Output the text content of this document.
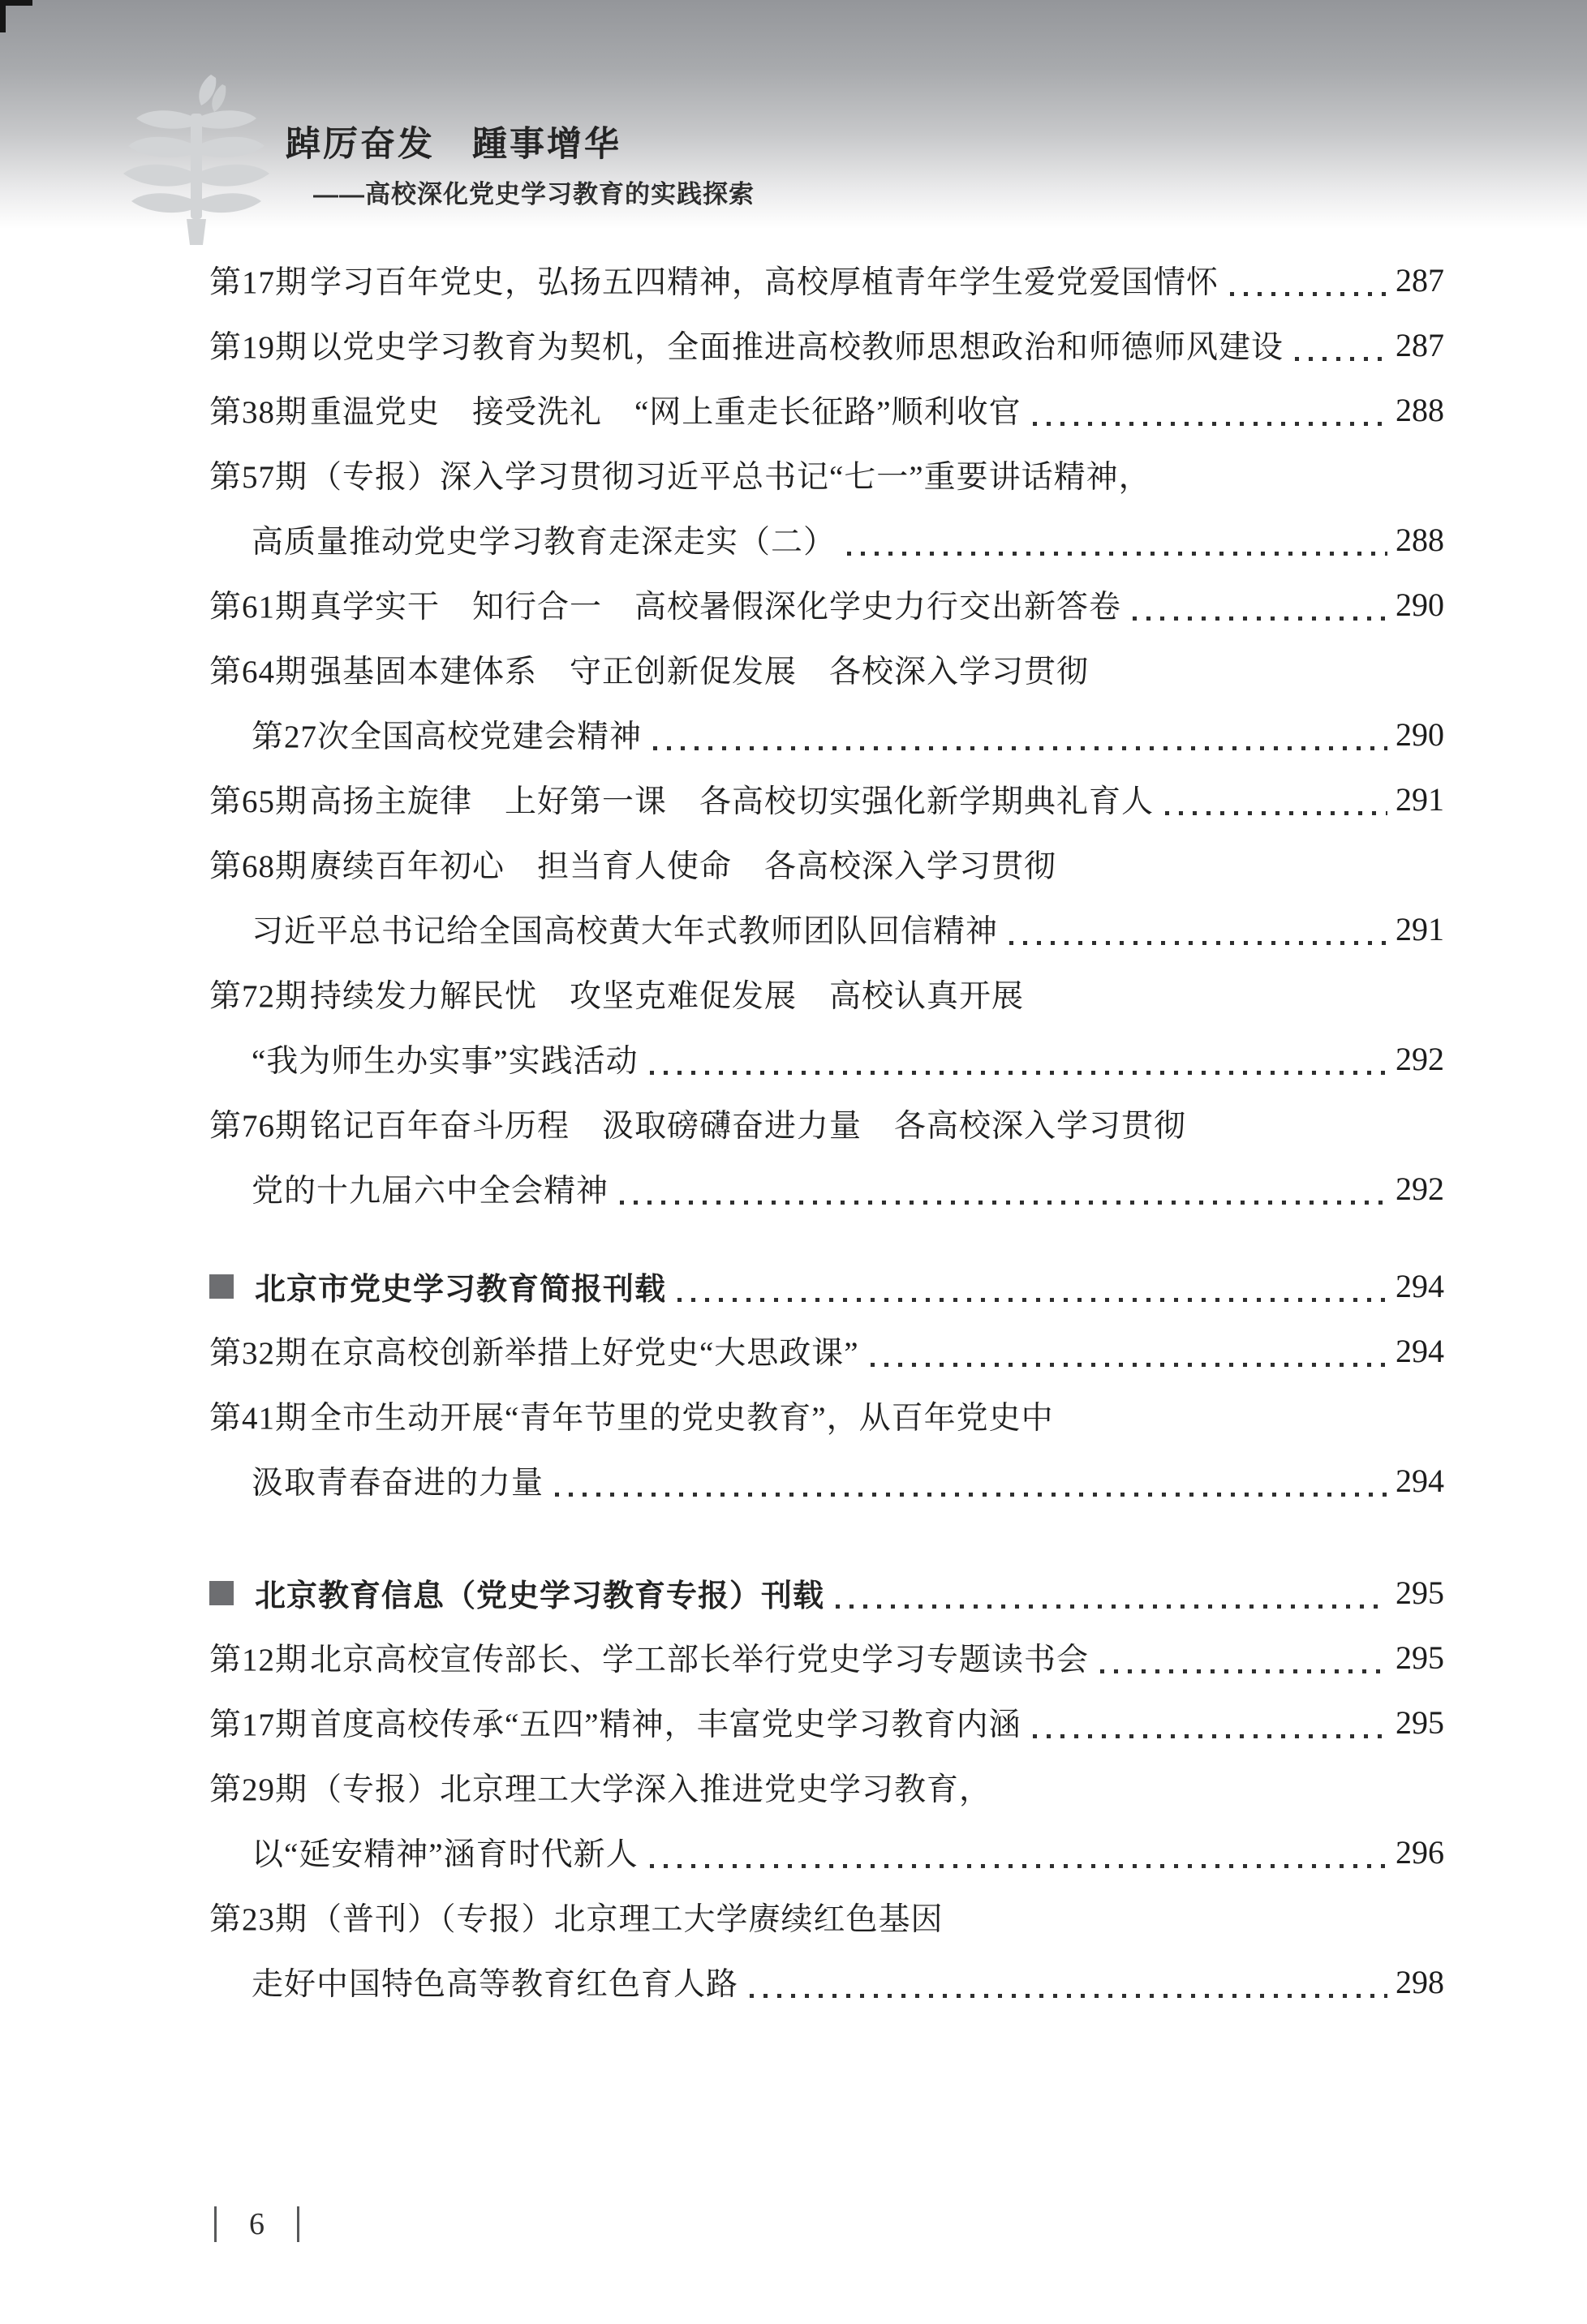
踔厉奋发　踵事增华
——高校深化党史学习教育的实践探索
第17期 学习百年党史，弘扬五四精神，高校厚植青年学生爱党爱国情怀	287
第19期 以党史学习教育为契机，全面推进高校教师思想政治和师德师风建设	287
第38期 重温党史　接受洗礼　“网上重走长征路”顺利收官	288
第57期 （专报）深入学习贯彻习近平总书记“七一”重要讲话精神，
高质量推动党史学习教育走深走实（二）	288
第61期 真学实干　知行合一　高校暑假深化学史力行交出新答卷	290
第64期 强基固本建体系　守正创新促发展　各校深入学习贯彻
第27次全国高校党建会精神	290
第65期 高扬主旋律　上好第一课　各高校切实强化新学期典礼育人	291
第68期 赓续百年初心　担当育人使命　各高校深入学习贯彻
习近平总书记给全国高校黄大年式教师团队回信精神	291
第72期 持续发力解民忧　攻坚克难促发展　高校认真开展
“我为师生办实事”实践活动	292
第76期 铭记百年奋斗历程　汲取磅礴奋进力量　各高校深入学习贯彻
党的十九届六中全会精神	292
北京市党史学习教育简报刊载	294
第32期 在京高校创新举措上好党史“大思政课”	294
第41期 全市生动开展“青年节里的党史教育”，从百年党史中
汲取青春奋进的力量	294
北京教育信息（党史学习教育专报）刊载	295
第12期 北京高校宣传部长、学工部长举行党史学习专题读书会	295
第17期 首度高校传承“五四”精神，丰富党史学习教育内涵	295
第29期 （专报）北京理工大学深入推进党史学习教育，
以“延安精神”涵育时代新人	296
第23期 （普刊）（专报）北京理工大学赓续红色基因
走好中国特色高等教育红色育人路	298
6
